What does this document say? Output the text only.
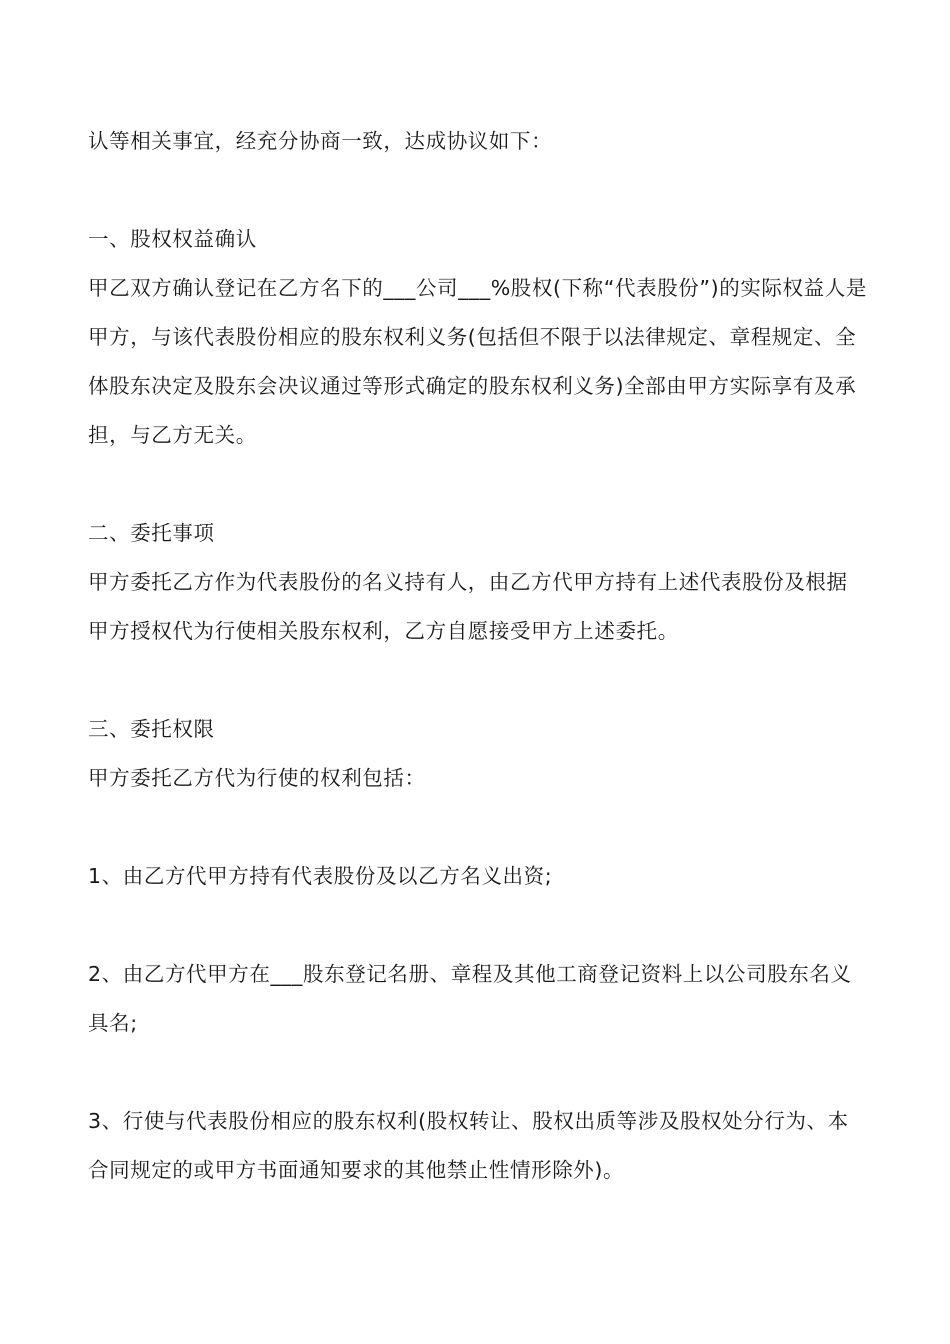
认等相关事宜，经充分协商一致，达成协议如下：

一、股权权益确认

甲乙双方确认登记在乙方名下的___公司___%股权(下称“代表股份”)的实际权益人是甲方，与该代表股份相应的股东权利义务(包括但不限于以法律规定、章程规定、全体股东决定及股东会决议通过等形式确定的股东权利义务)全部由甲方实际享有及承担，与乙方无关。

二、委托事项

甲方委托乙方作为代表股份的名义持有人，由乙方代甲方持有上述代表股份及根据甲方授权代为行使相关股东权利，乙方自愿接受甲方上述委托。

三、委托权限

甲方委托乙方代为行使的权利包括：

1、由乙方代甲方持有代表股份及以乙方名义出资;

2、由乙方代甲方在___股东登记名册、章程及其他工商登记资料上以公司股东名义具名;

3、行使与代表股份相应的股东权利(股权转让、股权出质等涉及股权处分行为、本合同规定的或甲方书面通知要求的其他禁止性情形除外)。
